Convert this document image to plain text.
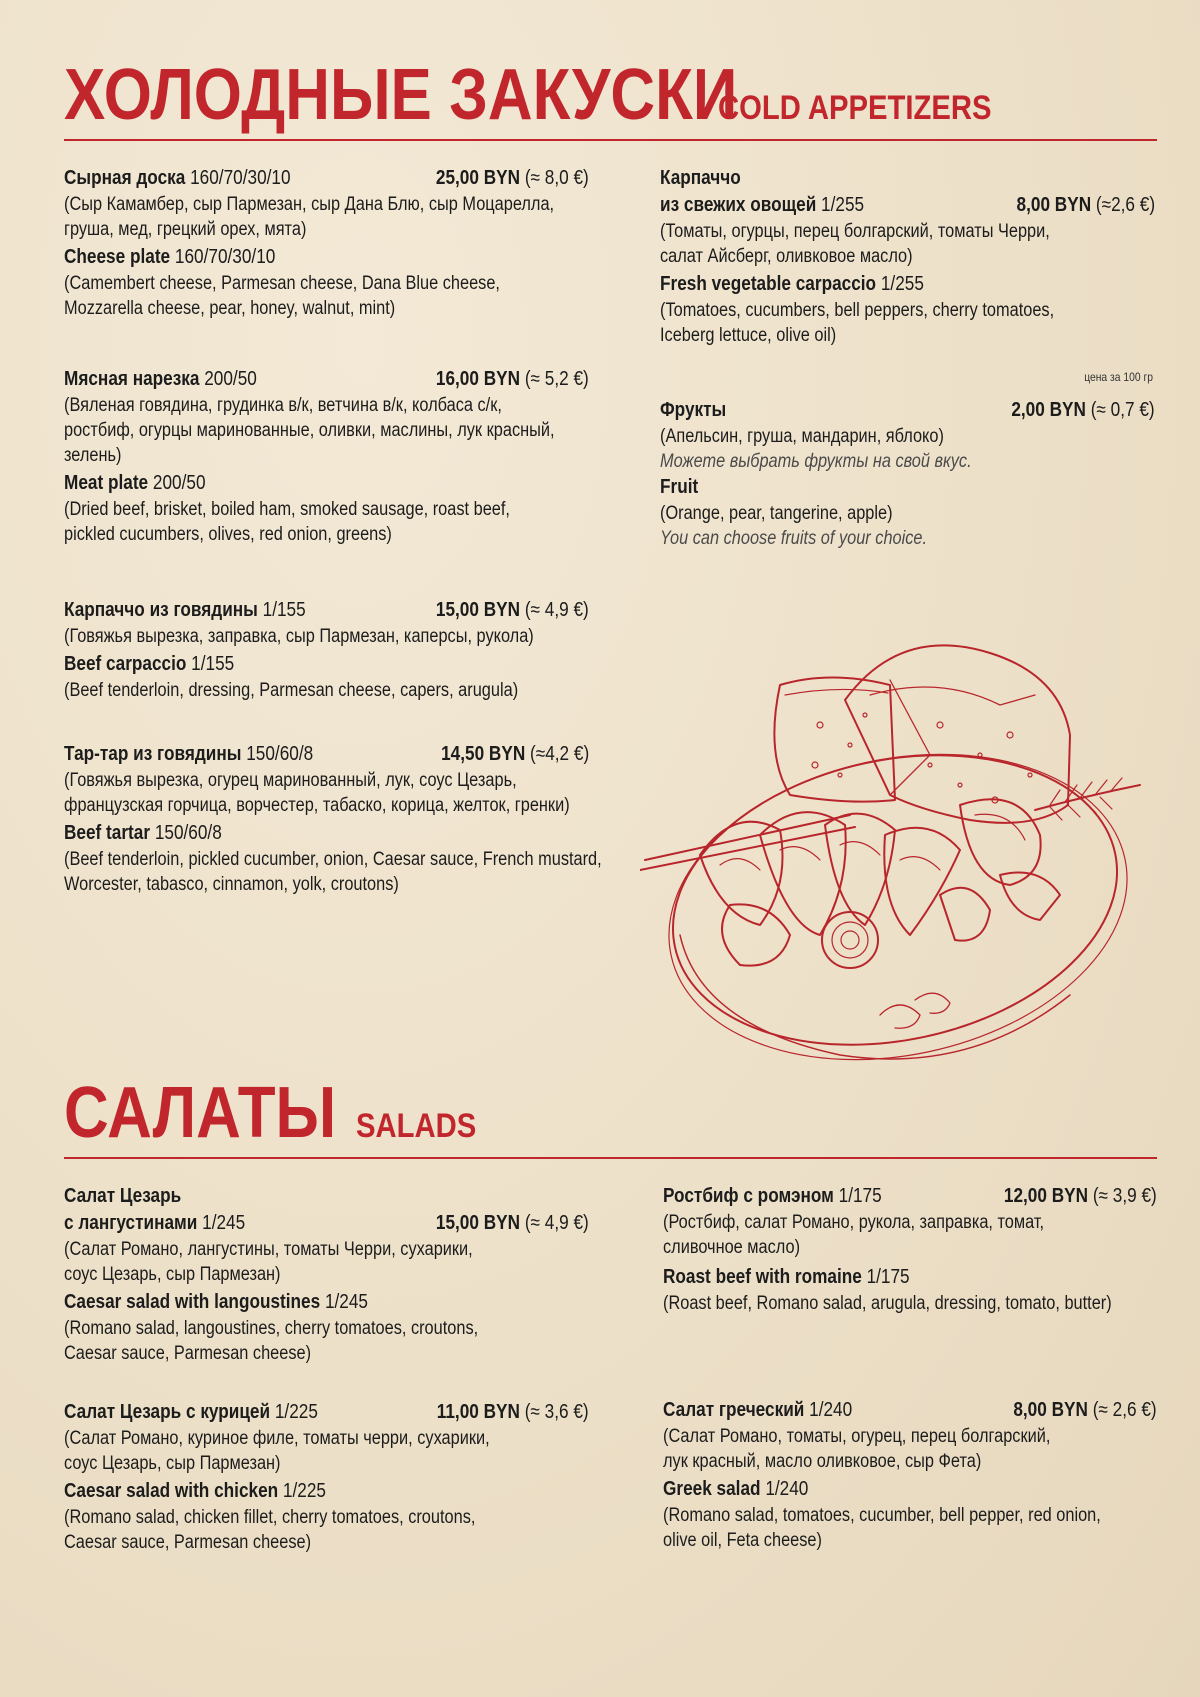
ХОЛОДНЫЕ ЗАКУСКИ
COLD APPETIZERS
Сырная доска 160/70/30/10	25,00 BYN (≈ 8,0 €)
(Сыр Камамбер, сыр Пармезан, сыр Дана Блю, сыр Моцарелла,
груша, мед, грецкий орех, мята)
Cheese plate 160/70/30/10
(Camembert cheese, Parmesan cheese, Dana Blue cheese,
Mozzarella cheese, pear, honey, walnut, mint)
Мясная нарезка 200/50	16,00 BYN (≈ 5,2 €)
(Вяленая говядина, грудинка в/к, ветчина в/к, колбаса с/к,
ростбиф, огурцы маринованные, оливки, маслины, лук красный,
зелень)
Meat plate 200/50
(Dried beef, brisket, boiled ham, smoked sausage, roast beef,
pickled cucumbers, olives, red onion, greens)
Карпаччо из говядины 1/155	15,00 BYN (≈ 4,9 €)
(Говяжья вырезка, заправка, сыр Пармезан, каперсы, рукола)
Beef carpaccio 1/155
(Beef tenderloin, dressing, Parmesan cheese, capers, arugula)
Тар-тар из говядины 150/60/8	14,50 BYN (≈4,2 €)
(Говяжья вырезка, огурец маринованный, лук, соус Цезарь,
французская горчица, ворчестер, табаско, корица, желток, гренки)
Beef tartar 150/60/8
(Beef tenderloin, pickled cucumber, onion, Caesar sauce, French mustard,
Worcester, tabasco, cinnamon, yolk, croutons)
Карпаччо
из свежих овощей 1/255	8,00 BYN (≈2,6 €)
(Томаты, огурцы, перец болгарский, томаты Черри,
салат Айсберг, оливковое масло)
Fresh vegetable carpaccio 1/255
(Tomatoes, cucumbers, bell peppers, cherry tomatoes,
Iceberg lettuce, olive oil)
цена за 100 гр
Фрукты	2,00 BYN (≈ 0,7 €)
(Апельсин, груша, мандарин, яблоко)
Можете выбрать фрукты на свой вкус.
Fruit
(Orange, pear, tangerine, apple)
You can choose fruits of your choice.
САЛАТЫ SALADS
Салат Цезарь
с лангустинами 1/245	15,00 BYN (≈ 4,9 €)
(Салат Романо, лангустины, томаты Черри, сухарики,
соус Цезарь, сыр Пармезан)
Caesar salad with langoustines 1/245
(Romano salad, langoustines, cherry tomatoes, croutons,
Caesar sauce, Parmesan cheese)
Салат Цезарь с курицей 1/225	11,00 BYN (≈ 3,6 €)
(Салат Романо, куриное филе, томаты черри, сухарики,
соус Цезарь, сыр Пармезан)
Caesar salad with chicken 1/225
(Romano salad, chicken fillet, cherry tomatoes, croutons,
Caesar sauce, Parmesan cheese)
Ростбиф с ромэном 1/175	12,00 BYN (≈ 3,9 €)
(Ростбиф, салат Романо, рукола, заправка, томат,
сливочное масло)
Roast beef with romaine 1/175
(Roast beef, Romano salad, arugula, dressing, tomato, butter)
Салат греческий 1/240	8,00 BYN (≈ 2,6 €)
(Салат Романо, томаты, огурец, перец болгарский,
лук красный, масло оливковое, сыр Фета)
Greek salad 1/240
(Romano salad, tomatoes, cucumber, bell pepper, red onion,
olive oil, Feta cheese)
